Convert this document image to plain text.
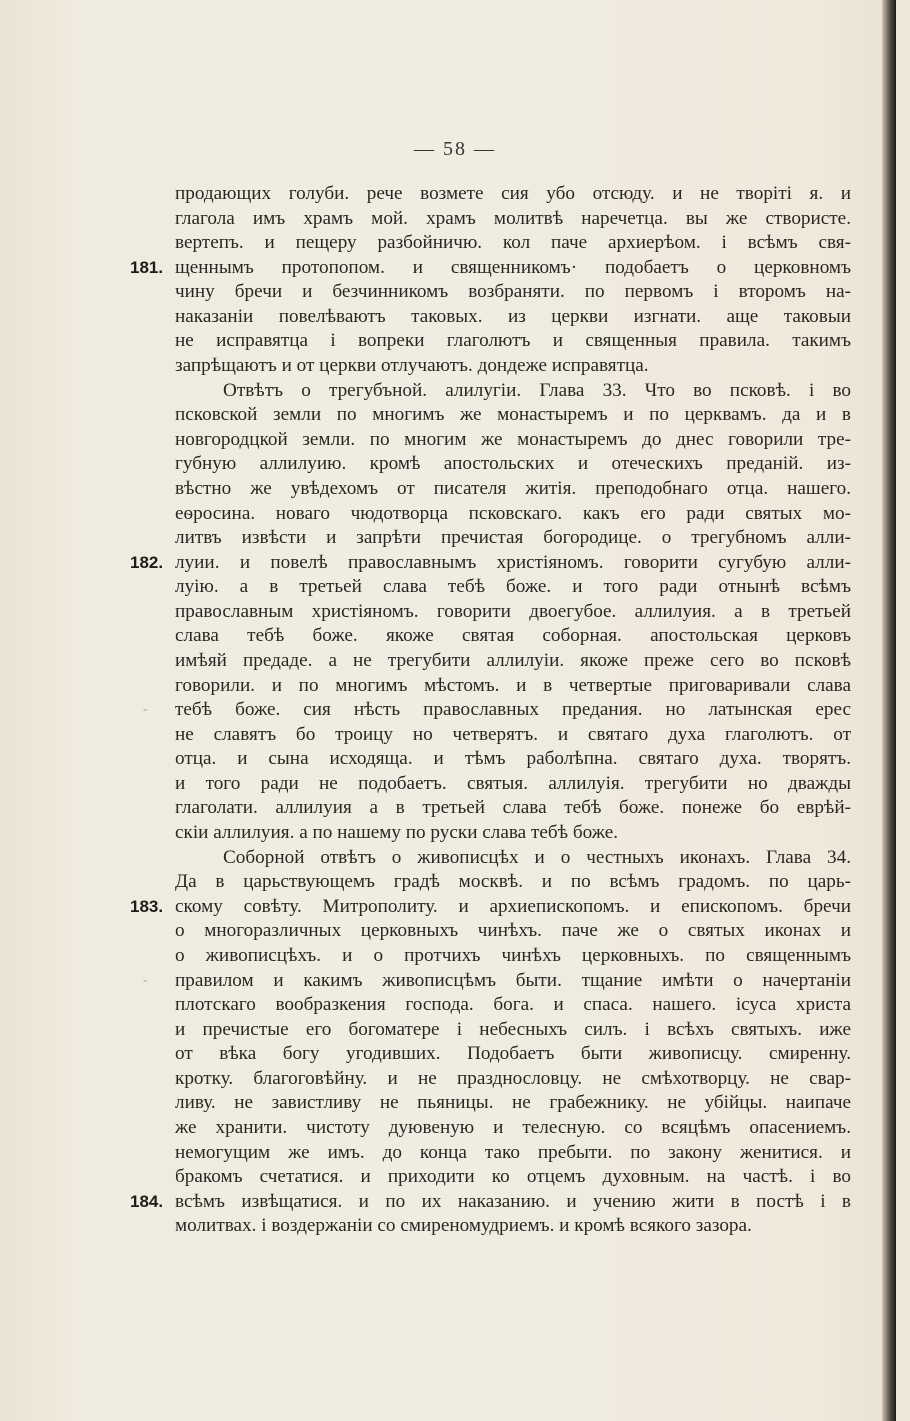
— 58 —
продающих голуби. рече возмете сия убо отсюду. и не творіті я. и
глагола имъ храмъ мой. храмъ молитвѣ наречетца. вы же створисте.
вертепъ. и пещеру разбойничю. кол паче архиерѣом. і всѣмъ свя-
181. щеннымъ протопопом. и священникомъ· подобаетъ о церковномъ
чину бречи и безчинникомъ возбраняти. по первомъ і второмъ на-
наказаніи повелѣваютъ таковых. из церкви изгнати. аще таковыи
не исправятца і вопреки глаголютъ и священныя правила. такимъ
запрѣщаютъ и от церкви отлучаютъ. дондеже исправятца.
Отвѣтъ о трегубъной. алилугіи. Глава 33. Что во псковѣ. і во
псковской земли по многимъ же монастыремъ и по церквамъ. да и в
новгородцкой земли. по многим же монастыремъ до днес говорили тре-
губную аллилуию. кромѣ апостольских и отеческихъ преданій. из-
вѣстно же увѣдехомъ от писателя житія. преподобнаго отца. нашего.
еѳросина. новаго чюдотворца псковскаго. какъ его ради святых мо-
литвъ извѣсти и запрѣти пречистая богородице. о трегубномъ алли-
182. луии. и повелѣ православнымъ христіяномъ. говорити сугубую алли-
луію. а в третьей слава тебѣ боже. и того ради отнынѣ всѣмъ
православным христіяномъ. говорити двоегубое. аллилуия. а в третьей
слава тебѣ боже. якоже святая соборная. апостольская церковъ
имѣяй предаде. а не трегубити аллилуіи. якоже преже сего во псковѣ
говорили. и по многимъ мѣстомъ. и в четвертые приговаривали слава
- тебѣ боже. сия нѣсть православных предания. но латынская ерес
не славятъ бо троицу но четверятъ. и святаго духа глаголютъ. от
отца. и сына исходяща. и тѣмъ раболѣпна. святаго духа. творятъ.
и того ради не подобаетъ. святыя. аллилуія. трегубити но дважды
глаголати. аллилуия а в третьей слава тебѣ боже. понеже бо еврѣй-
скіи аллилуия. а по нашему по руски слава тебѣ боже.
Соборной отвѣтъ о живописцѣх и о честныхъ иконахъ. Глава 34.
Да в царьствующемъ градѣ москвѣ. и по всѣмъ градомъ. по царь-
183. скому совѣту. Митрополиту. и архиепископомъ. и епископомъ. бречи
о многоразличных церковныхъ чинѣхъ. паче же о святых иконах и
о живописцѣхъ. и о протчихъ чинѣхъ церковныхъ. по священнымъ
- правилом и какимъ живописцѣмъ быти. тщание имѣти о начертаніи
плотскаго вообраᴈкения господа. бога. и спаса. нашего. ісуса христа
и пречистые его богоматере і небесныхъ силъ. і всѣхъ святыхъ. иже
от вѣка богу угодивших. Подобаетъ быти живописцу. смиренну.
кротку. благоговѣйну. и не празднословцу. не смѣхотворцу. не свар-
ливу. не завистливу не пьяницы. не грабежнику. не убійцы. наипаче
же хранити. чистоту дуювеную и телесную. со всяцѣмъ опасениемъ.
немогущим же имъ. до конца тако пребыти. по закону женитися. и
бракомъ счетатися. и приходити ко отцемъ духовным. на частѣ. і во
184. всѣмъ извѣщатися. и по их наказанию. и учению жити в постѣ і в
молитвах. і воздержаніи со смиреномудриемъ. и кромѣ всякого зазора.
